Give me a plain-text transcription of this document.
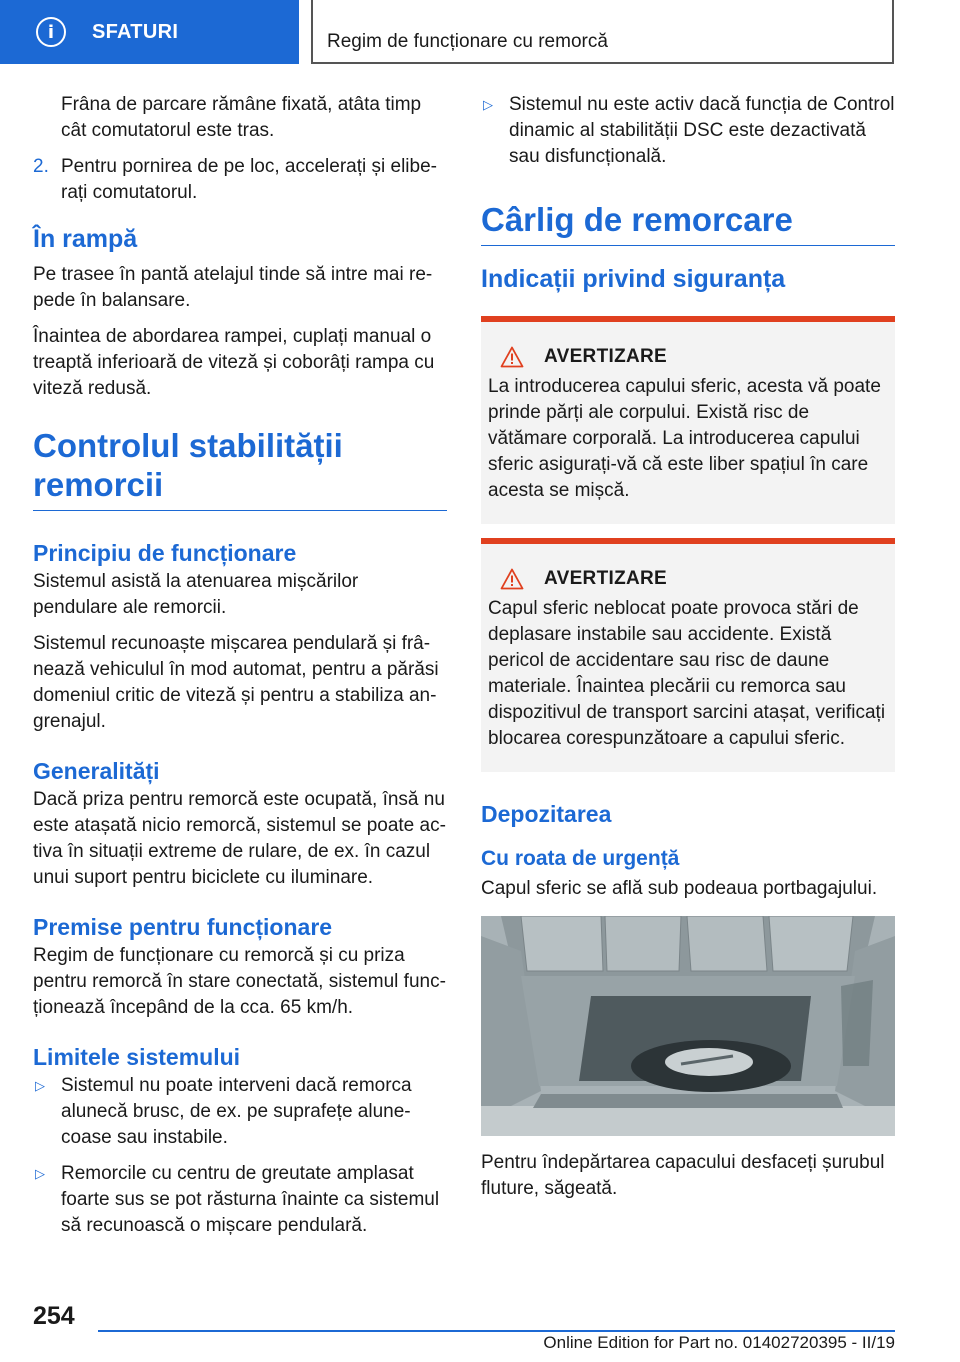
i	SFATURI	Regim de funcționare cu remorcă

Frâna de parcare rămâne fixată, atâta timp cât comutatorul este tras.

2. Pentru pornirea de pe loc, accelerați și eliberați comutatorul.
În rampă

Pe trasee în pantă atelajul tinde să intre mai repede în balansare.

Înaintea de abordarea rampei, cuplați manual o treaptă inferioară de viteză și coborâți rampa cu viteză redusă.

Controlul stabilității remorcii
Principiu de funcționare

Sistemul asistă la atenuarea mișcărilor pendulare ale remorcii.

Sistemul recunoaște mișcarea pendulară și frânează vehiculul în mod automat, pentru a părăsi domeniul critic de viteză și pentru a stabiliza angrenajul.

Generalități

Dacă priza pentru remorcă este ocupată, însă nu este atașată nicio remorcă, sistemul se poate activa în situații extreme de rulare, de ex. în cazul unui suport pentru biciclete cu iluminare.

Premise pentru funcționare

Regim de funcționare cu remorcă și cu priza pentru remorcă în stare conectată, sistemul funcționează începând de la cca. 65 km/h.

Limitele sistemului
▷ Sistemul nu poate interveni dacă remorca alunecă brusc, de ex. pe suprafețe alunecoase sau instabile.
▷ Remorcile cu centru de greutate amplasat foarte sus se pot răsturna înainte ca sistemul să recunoască o mișcare pendulară.
▷ Sistemul nu este activ dacă funcția de Control dinamic al stabilității DSC este dezactivată sau disfuncțională.
Cârlig de remorcare
Indicații privind siguranța
AVERTIZARE

La introducerea capului sferic, acesta vă poate prinde părți ale corpului. Există risc de vătămare corporală. La introducerea capului sferic asigurați-vă că este liber spațiul în care acesta se mișcă.

AVERTIZARE

Capul sferic neblocat poate provoca stări de deplasare instabile sau accidente. Există pericol de accidentare sau risc de daune materiale. Înaintea plecării cu remorca sau dispozitivul de transport sarcini atașat, verificați blocarea corespunzătoare a capului sferic.

Depozitarea
Cu roata de urgență

Capul sferic se află sub podeaua portbagajului.

Pentru îndepărtarea capacului desfaceți șurubul fluture, săgeată.

254
Online Edition for Part no. 01402720395 - II/19
